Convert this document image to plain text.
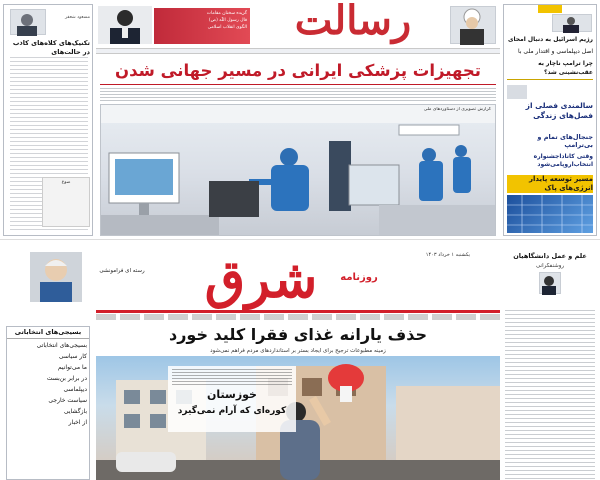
مسعود شعفر
تکنیک‌های کلاه‌های کاذب در حالت‌های
ضوع
گزیده سخنان مقامات
قال رسول اللّٰه (ص)
الگوی انقلاب اسلامی	رسالت
تجهیزات پزشکی ایرانی در مسیر جهانی شدن
گزارش تصویری از دستاوردهای ملی
رژیم اسرائیل به دنبال امحای
اصل دیپلماسی و اقتدار ملی با
چرا ترامپ ناچار به عقب‌نشینی شد؟
سالمندی فصلی از فصل‌های زندگی
جنجال‌های تمام و بی‌ترامپ
وقتی کاناداجشنواره انتخاب‌اروپامی‌شود
مسیر توسعه پایدار انرژی‌های پاک
رسته ای فرامونشی	شرق	روزنامه
یکشنبه ۱ خرداد ۱۴۰۳	علم و عمل دانشگاهیان
روشنفکرانی
بسیجی‌های انتخاباتی
بسیجی‌های انتخاباتی
کار سیاسی
ما می‌توانیم
در برابر بن‌بست
دیپلماسی
سیاست خارجی
بازگشایی
از اخبار
حذف یارانه غذای فقرا کلید خورد
زمینه مطبوعات ترجیح برای ایجاد بستر بر استانداردهای مردم فراهم نمی‌شود
خوزستان
کوره‌ای که آرام نمی‌گیرد
